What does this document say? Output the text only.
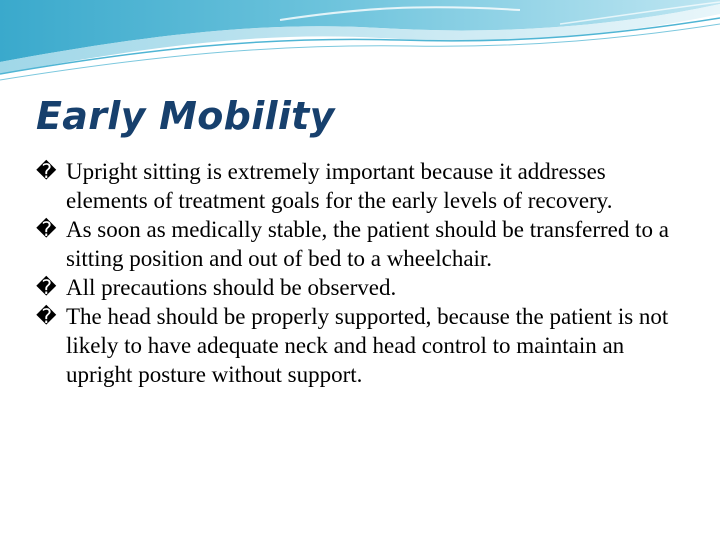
Early Mobility
� Upright sitting is extremely important because it addresses elements of treatment goals for the early levels of recovery.
� As soon as medically stable, the patient should be transferred to a sitting position and out of bed to a wheelchair.
� All precautions should be observed.
� The head should be properly supported, because the patient is not likely to have adequate neck and head control to maintain an upright posture without support.
